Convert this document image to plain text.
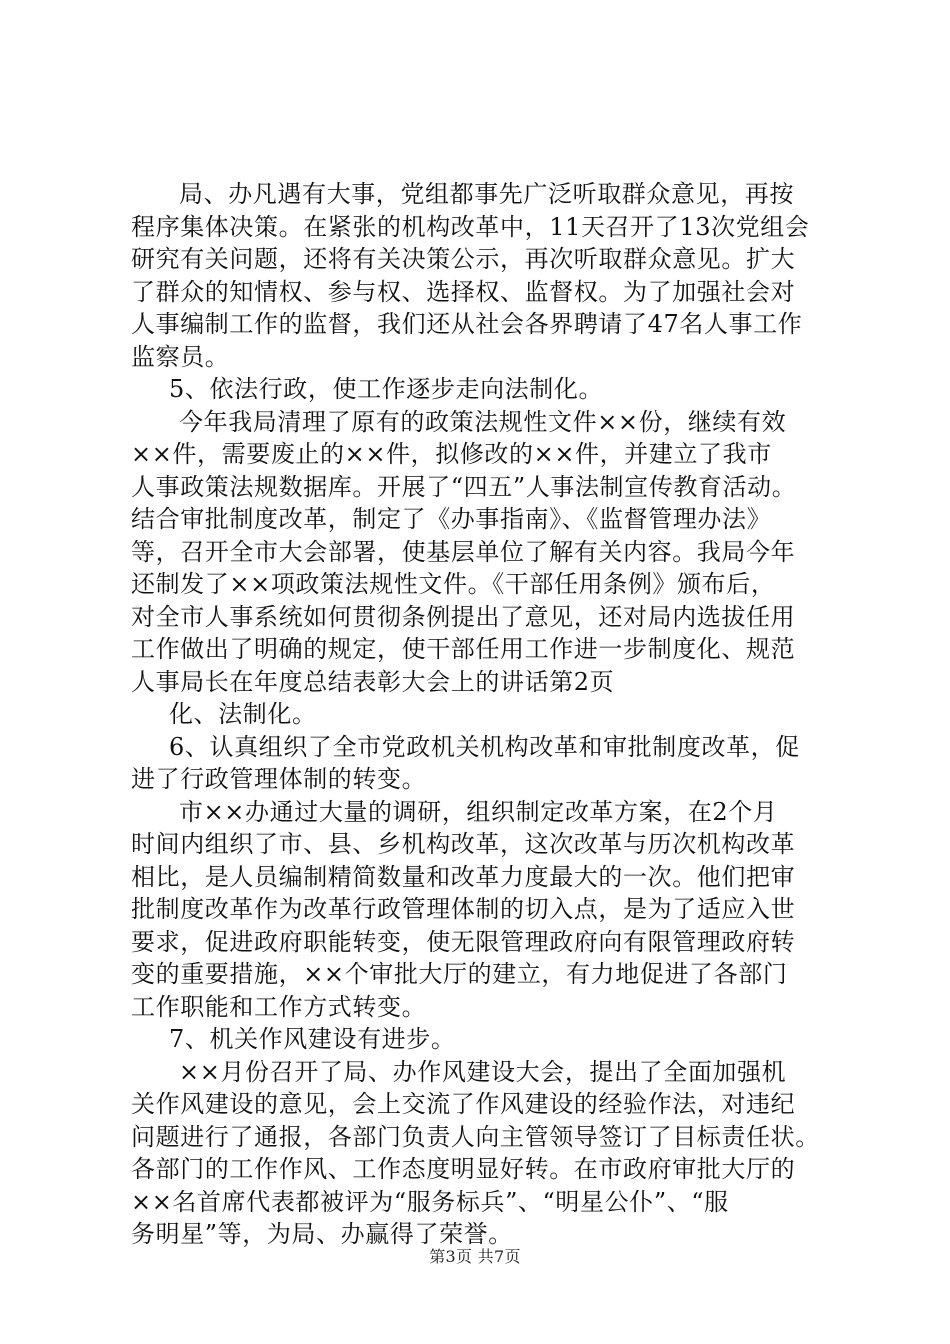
局、办凡遇有大事，党组都事先广泛听取群众意见，再按
程序集体决策。在紧张的机构改革中，11天召开了13次党组会
研究有关问题，还将有关决策公示，再次听取群众意见。扩大
了群众的知情权、参与权、选择权、监督权。为了加强社会对
人事编制工作的监督，我们还从社会各界聘请了47名人事工作
监察员。
5、依法行政，使工作逐步走向法制化。
今年我局清理了原有的政策法规性文件××份，继续有效
××件，需要废止的××件，拟修改的××件，并建立了我市
人事政策法规数据库。开展了“四五”人事法制宣传教育活动。
结合审批制度改革，制定了《办事指南》、《监督管理办法》
等，召开全市大会部署，使基层单位了解有关内容。我局今年
还制发了××项政策法规性文件。《干部任用条例》颁布后，
对全市人事系统如何贯彻条例提出了意见，还对局内选拔任用
工作做出了明确的规定，使干部任用工作进一步制度化、规范
人事局长在年度总结表彰大会上的讲话第2页
化、法制化。
6、认真组织了全市党政机关机构改革和审批制度改革，促
进了行政管理体制的转变。
市××办通过大量的调研，组织制定改革方案，在2个月
时间内组织了市、县、乡机构改革，这次改革与历次机构改革
相比，是人员编制精简数量和改革力度最大的一次。他们把审
批制度改革作为改革行政管理体制的切入点，是为了适应入世
要求，促进政府职能转变，使无限管理政府向有限管理政府转
变的重要措施，××个审批大厅的建立，有力地促进了各部门
工作职能和工作方式转变。
7、机关作风建设有进步。
××月份召开了局、办作风建设大会，提出了全面加强机
关作风建设的意见，会上交流了作风建设的经验作法，对违纪
问题进行了通报，各部门负责人向主管领导签订了目标责任状。
各部门的工作作风、工作态度明显好转。在市政府审批大厅的
××名首席代表都被评为“服务标兵”、“明星公仆”、“服
务明星”等，为局、办赢得了荣誉。
第3页 共7页
